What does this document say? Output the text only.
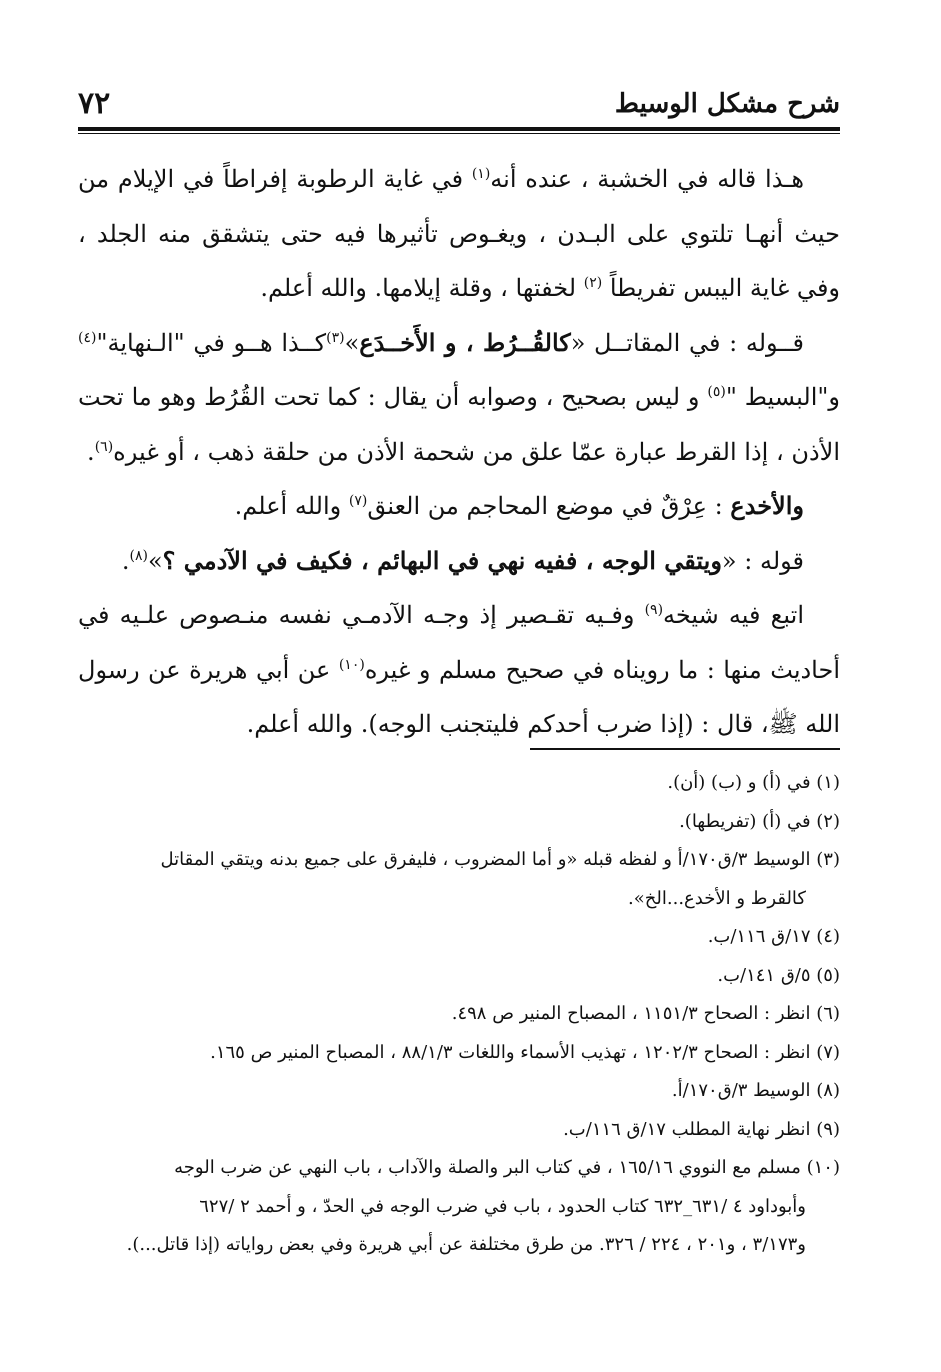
٧٢	شرح مشكل الوسيط

هـذا قاله في الخشبة ، عنده أنه$^{(١)}$ في غاية الرطوبة إفراطاً في الإيلام من حيث أنهـا تلتوي على البـدن ، ويغـوص تأثيرها فيه حتى يتشقق منه الجلد ، وفي غاية اليبس تفريطاً $^{(٢)}$ لخفتها ، وقلة إيلامها. والله أعلم.

قــوله : في المقاتــل «كالقُــرُط ، و الأَخــدَع»$^{(٣)}$كــذا هــو في "الـنهاية"$^{(٤)}$ و"البسيط "$^{(٥)}$ و ليس بصحيح ، وصوابه أن يقال : كما تحت القُرُط وهو ما تحت الأذن ، إذا القرط عبارة عمّا علق من شحمة الأذن من حلقة ذهب ، أو غيره$^{(٦)}$.

والأخدع : عِرْقٌ في موضع المحاجم من العنق$^{(٧)}$ والله أعلم.

قوله : «ويتقي الوجه ، ففيه نهي في البهائم ، فكيف في الآدمي ؟»$^{(٨)}$.

اتبع فيه شيخه$^{(٩)}$ وفـيه تقـصير إذ وجـه الآدمـي نفسه منـصوص علـيه في أحاديث منها : ما رويناه في صحيح مسلم و غيره$^{(١٠)}$ عن أبي هريرة عن رسول الله ﷺ، قال : (إذا ضرب أحدكم فليتجنب الوجه). والله أعلم.

(١) في (أ) و (ب) (أن).

(٢) في (أ) (تفريطها).

(٣) الوسيط ٣/ق١٧٠/أ و لفظه قبله «و أما المضروب ، فليفرق على جميع بدنه ويتقي المقاتل

كالقرط و الأخدع...الخ».

(٤) ١٧/ق ١١٦/ب.

(٥) ٥/ق ١٤١/ب.

(٦) انظر : الصحاح ١١٥١/٣ ، المصباح المنير ص ٤٩٨.

(٧) انظر : الصحاح ١٢٠٢/٣ ، تهذيب الأسماء واللغات ٨٨/١/٣ ، المصباح المنير ص ١٦٥.

(٨) الوسيط ٣/ق١٧٠/أ.

(٩) انظر نهاية المطلب ١٧/ق ١١٦/ب.

(١٠) مسلم مع النووي ١٦٥/١٦ ، في كتاب البر والصلة والآداب ، باب النهي عن ضرب الوجه

وأبوداود ٤ /٦٣١_٦٣٢ كتاب الحدود ، باب في ضرب الوجه في الحدّ ، و أحمد ٢ /٦٢٧

و٣/١٧٣ ، و٢٠١ ، ٢٢٤ / ٣٢٦. من طرق مختلفة عن أبي هريرة وفي بعض رواياته (إذا قاتل...).
